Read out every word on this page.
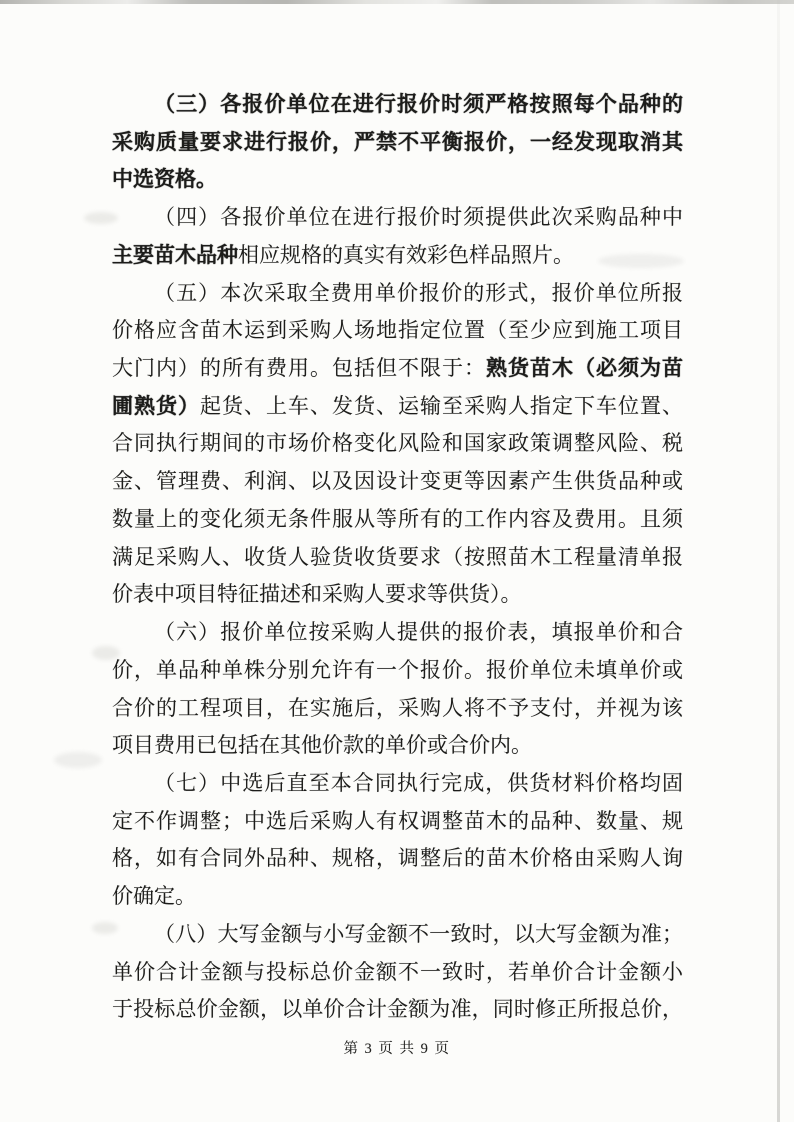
（三）各报价单位在进行报价时须严格按照每个品种的
采购质量要求进行报价，严禁不平衡报价，一经发现取消其
中选资格。
（四）各报价单位在进行报价时须提供此次采购品种中
主要苗木品种相应规格的真实有效彩色样品照片。
（五）本次采取全费用单价报价的形式，报价单位所报
价格应含苗木运到采购人场地指定位置（至少应到施工项目
大门内）的所有费用。包括但不限于：熟货苗木（必须为苗
圃熟货）起货、上车、发货、运输至采购人指定下车位置、
合同执行期间的市场价格变化风险和国家政策调整风险、税
金、管理费、利润、以及因设计变更等因素产生供货品种或
数量上的变化须无条件服从等所有的工作内容及费用。且须
满足采购人、收货人验货收货要求（按照苗木工程量清单报
价表中项目特征描述和采购人要求等供货）。
（六）报价单位按采购人提供的报价表，填报单价和合
价，单品种单株分别允许有一个报价。报价单位未填单价或
合价的工程项目，在实施后，采购人将不予支付，并视为该
项目费用已包括在其他价款的单价或合价内。
（七）中选后直至本合同执行完成，供货材料价格均固
定不作调整；中选后采购人有权调整苗木的品种、数量、规
格，如有合同外品种、规格，调整后的苗木价格由采购人询
价确定。
（八）大写金额与小写金额不一致时，以大写金额为准；
单价合计金额与投标总价金额不一致时，若单价合计金额小
于投标总价金额，以单价合计金额为准，同时修正所报总价，
第 3 页 共 9 页
